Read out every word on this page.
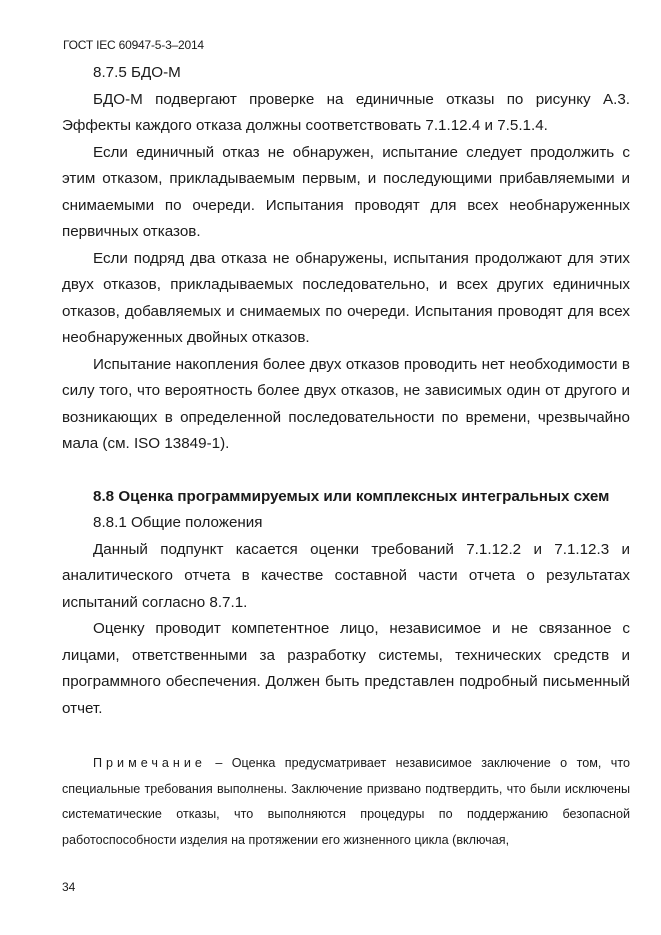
ГОСТ IEC 60947-5-3–2014

8.7.5 БДО-М

БДО-М подвергают проверке на единичные отказы по рисунку А.3. Эффекты каждого отказа должны соответствовать 7.1.12.4 и 7.5.1.4.

Если единичный отказ не обнаружен, испытание следует продолжить с этим отказом, прикладываемым первым, и последующими прибавляемыми и снимаемыми по очереди. Испытания проводят для всех необнаруженных первичных отказов.

Если подряд два отказа не обнаружены, испытания продолжают для этих двух отказов, прикладываемых последовательно, и всех других единичных отказов, добавляемых и снимаемых по очереди. Испытания проводят для всех необнаруженных двойных отказов.

Испытание накопления более двух отказов проводить нет необходимости в силу того, что вероятность более двух отказов, не зависимых один от другого и возникающих в определенной последовательности по времени, чрезвычайно мала (см. ISO 13849-1).

8.8 Оценка программируемых или комплексных интегральных схем

8.8.1 Общие положения

Данный подпункт касается оценки требований 7.1.12.2 и 7.1.12.3 и аналитического отчета в качестве составной части отчета о результатах испытаний согласно 8.7.1.

Оценку проводит компетентное лицо, независимое и не связанное с лицами, ответственными за разработку системы, технических средств и программного обеспечения. Должен быть представлен подробный письменный отчет.

Примечание – Оценка предусматривает независимое заключение о том, что специальные требования выполнены. Заключение призвано подтвердить, что были исключены систематические отказы, что выполняются процедуры по поддержанию безопасной работоспособности изделия на протяжении его жизненного цикла (включая,

34
